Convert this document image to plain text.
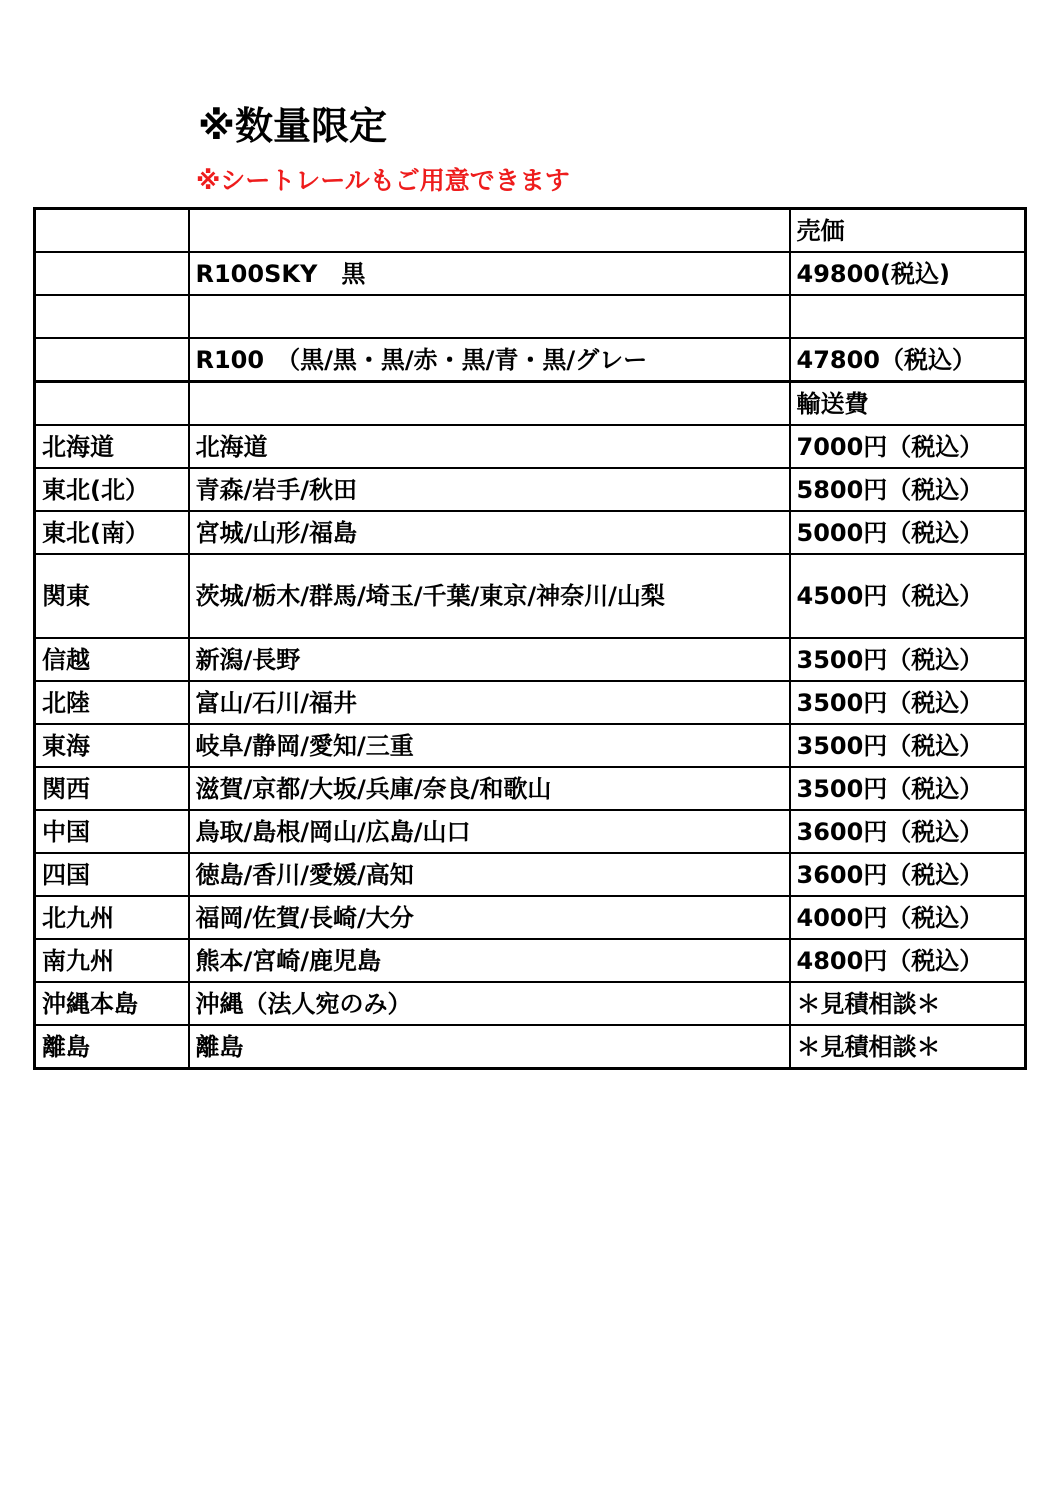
※数量限定
※シートレールもご用意できます
		売価
	R100SKY　黒	49800(税込)

	R100　（黒/黒・黒/赤・黒/青・黒/グレー	47800（税込）
		輸送費
北海道	北海道	7000円（税込）
東北(北）	青森/岩手/秋田	5800円（税込）
東北(南）	宮城/山形/福島	5000円（税込）
関東	茨城/栃木/群馬/埼玉/千葉/東京/神奈川/山梨	4500円（税込）
信越	新潟/長野	3500円（税込）
北陸	富山/石川/福井	3500円（税込）
東海	岐阜/静岡/愛知/三重	3500円（税込）
関西	滋賀/京都/大坂/兵庫/奈良/和歌山	3500円（税込）
中国	鳥取/島根/岡山/広島/山口	3600円（税込）
四国	徳島/香川/愛媛/高知	3600円（税込）
北九州	福岡/佐賀/長崎/大分	4000円（税込）
南九州	熊本/宮崎/鹿児島	4800円（税込）
沖縄本島	沖縄（法人宛のみ）	＊見積相談＊
離島	離島	＊見積相談＊
